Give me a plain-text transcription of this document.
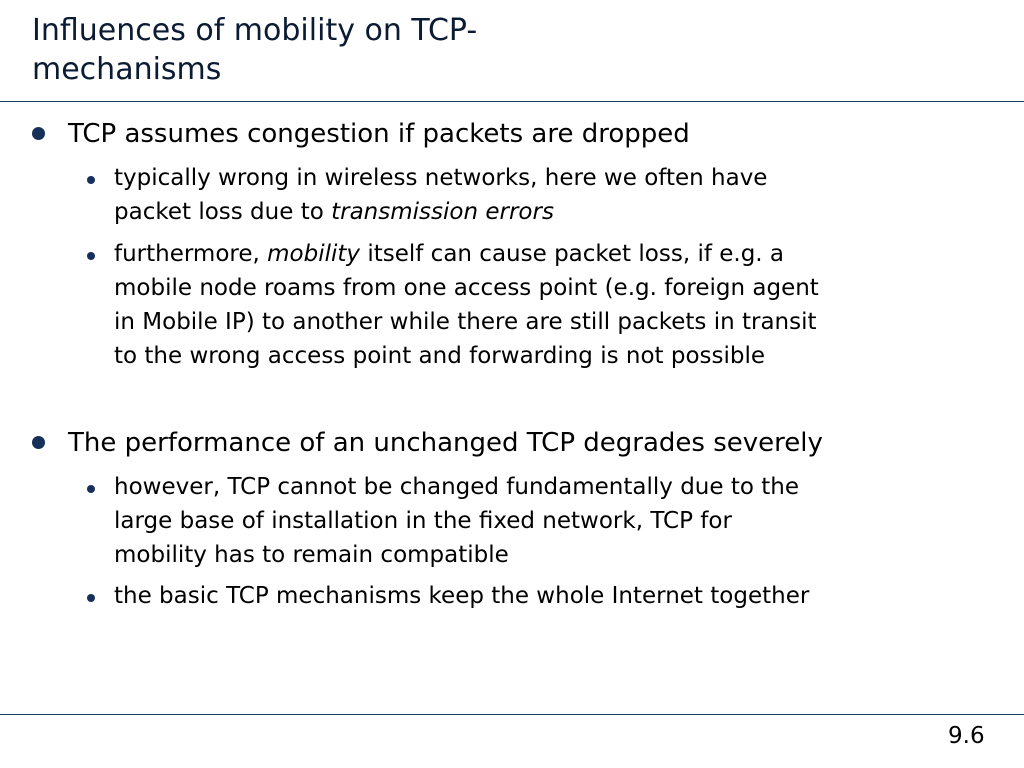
Influences of mobility on TCP-
mechanisms
TCP assumes congestion if packets are dropped
typically wrong in wireless networks, here we often have
packet loss due to transmission errors
furthermore, mobility itself can cause packet loss, if e.g. a
mobile node roams from one access point (e.g. foreign agent
in Mobile IP) to another while there are still packets in transit
to the wrong access point and forwarding is not possible
The performance of an unchanged TCP degrades severely
however, TCP cannot be changed fundamentally due to the
large base of installation in the fixed network, TCP for
mobility has to remain compatible
the basic TCP mechanisms keep the whole Internet together
9.6
